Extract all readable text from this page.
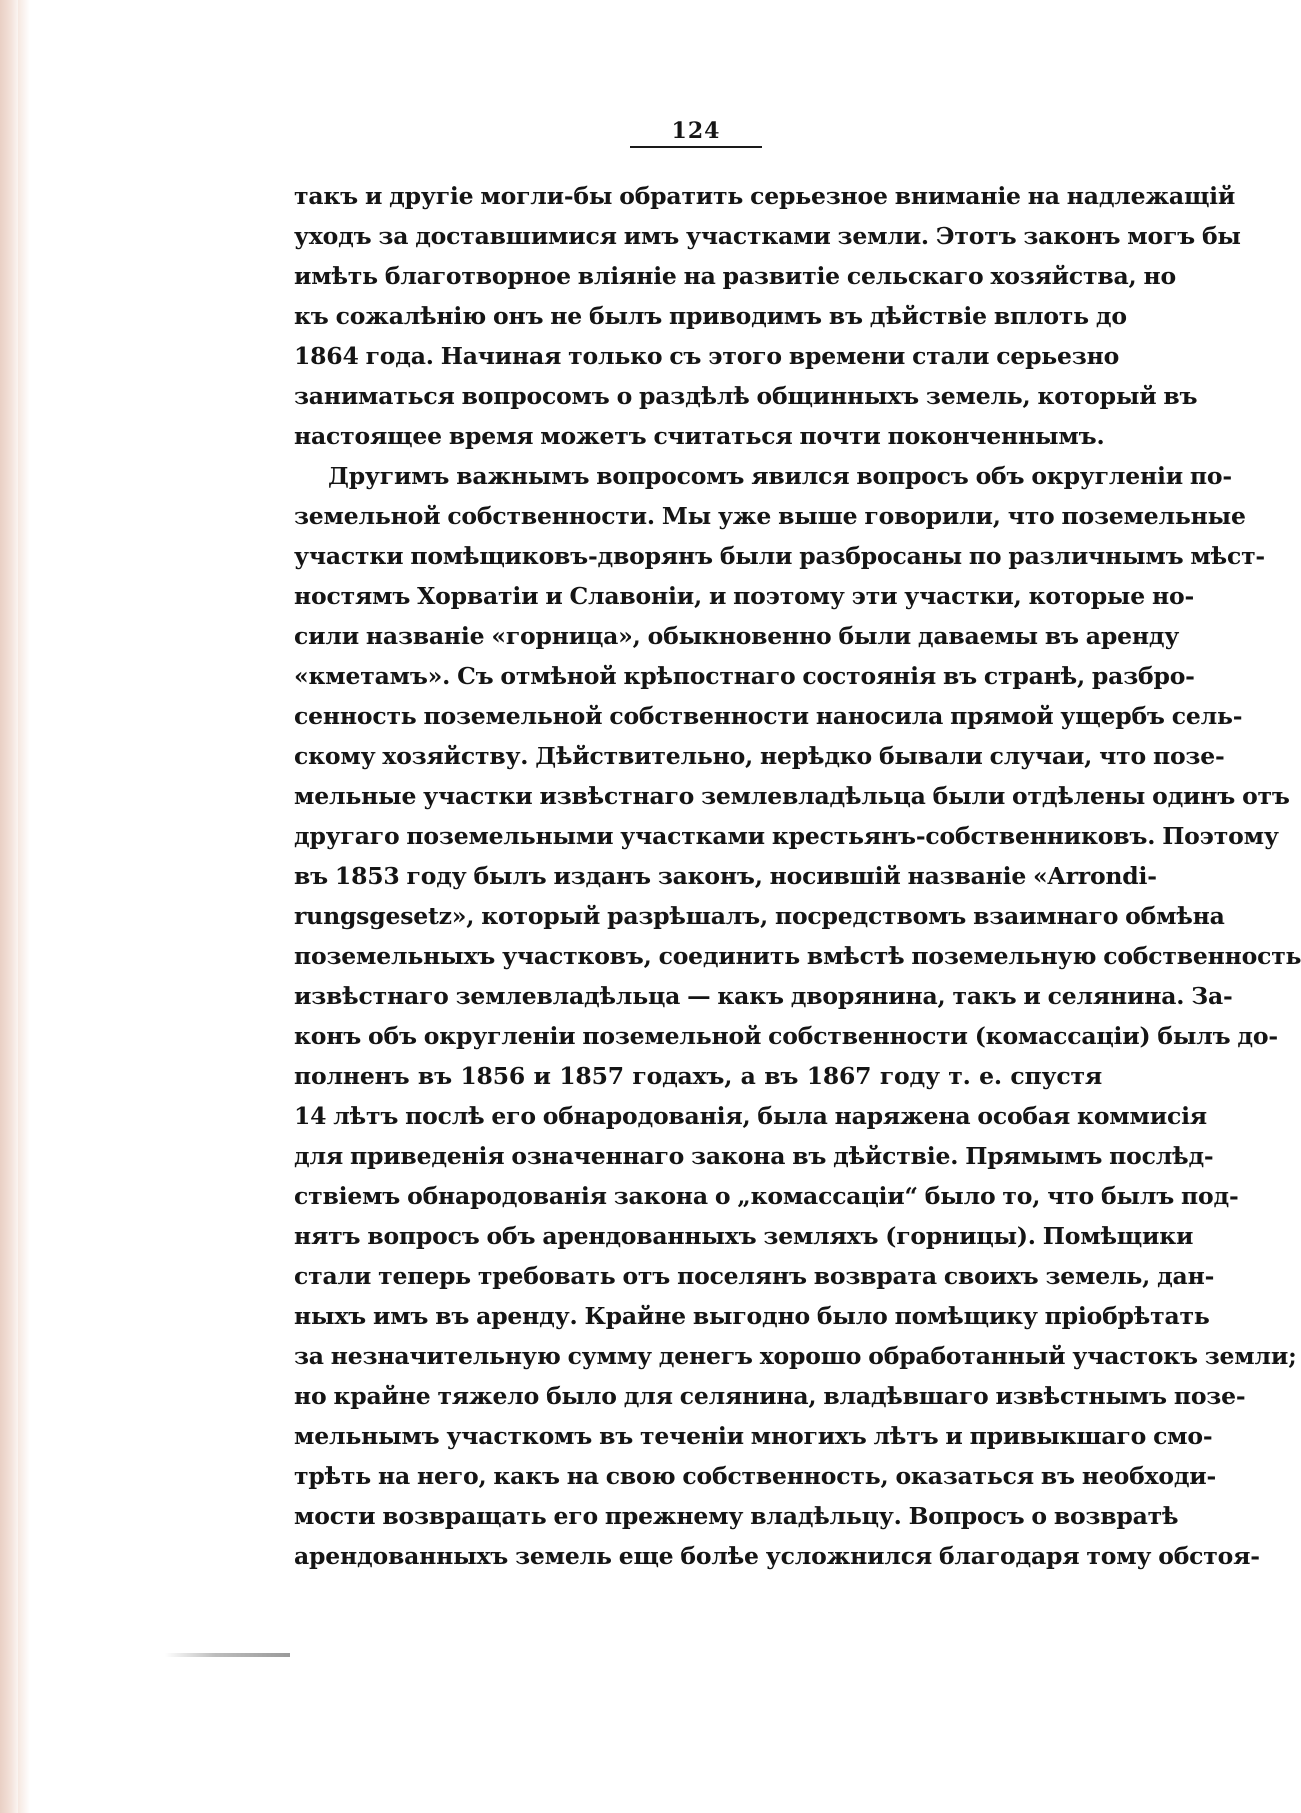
124
такъ и другіе могли-бы обратить серьезное вниманіе на надлежащій
уходъ за доставшимися имъ участками земли. Этотъ законъ могъ бы
имѣть благотворное вліяніе на развитіе сельскаго хозяйства, но
къ сожалѣнію онъ не былъ приводимъ въ дѣйствіе вплоть до
1864 года. Начиная только съ этого времени стали серьезно
заниматься вопросомъ о раздѣлѣ общинныхъ земель, который въ
настоящее время можетъ считаться почти поконченнымъ.
Другимъ важнымъ вопросомъ явился вопросъ объ округленіи по-
земельной собственности. Мы уже выше говорили, что поземельные
участки помѣщиковъ-дворянъ были разбросаны по различнымъ мѣст-
ностямъ Хорватіи и Славоніи, и поэтому эти участки, которые но-
сили названіе «горница», обыкновенно были даваемы въ аренду
«кметамъ». Съ отмѣной крѣпостнаго состоянія въ странѣ, разбро-
сенность поземельной собственности наносила прямой ущербъ сель-
скому хозяйству. Дѣйствительно, нерѣдко бывали случаи, что позе-
мельные участки извѣстнаго землевладѣльца были отдѣлены одинъ отъ
другаго поземельными участками крестьянъ-собственниковъ. Поэтому
въ 1853 году былъ изданъ законъ, носившій названіе «Arrondi-
rungsgesetz», который разрѣшалъ, посредствомъ взаимнаго обмѣна
поземельныхъ участковъ, соединить вмѣстѣ поземельную собственность
извѣстнаго землевладѣльца — какъ дворянина, такъ и селянина. За-
конъ объ округленіи поземельной собственности (комассаціи) былъ до-
полненъ въ 1856 и 1857 годахъ, а въ 1867 году т. е. спустя
14 лѣтъ послѣ его обнародованія, была наряжена особая коммисія
для приведенія означеннаго закона въ дѣйствіе. Прямымъ послѣд-
ствіемъ обнародованія закона о „комассаціи“ было то, что былъ под-
нятъ вопросъ объ арендованныхъ земляхъ (горницы). Помѣщики
стали теперь требовать отъ поселянъ возврата своихъ земель, дан-
ныхъ имъ въ аренду. Крайне выгодно было помѣщику пріобрѣтать
за незначительную сумму денегъ хорошо обработанный участокъ земли;
но крайне тяжело было для селянина, владѣвшаго извѣстнымъ позе-
мельнымъ участкомъ въ теченіи многихъ лѣтъ и привыкшаго смо-
трѣть на него, какъ на свою собственность, оказаться въ необходи-
мости возвращать его прежнему владѣльцу. Вопросъ о возвратѣ
арендованныхъ земель еще болѣе усложнился благодаря тому обстоя-
